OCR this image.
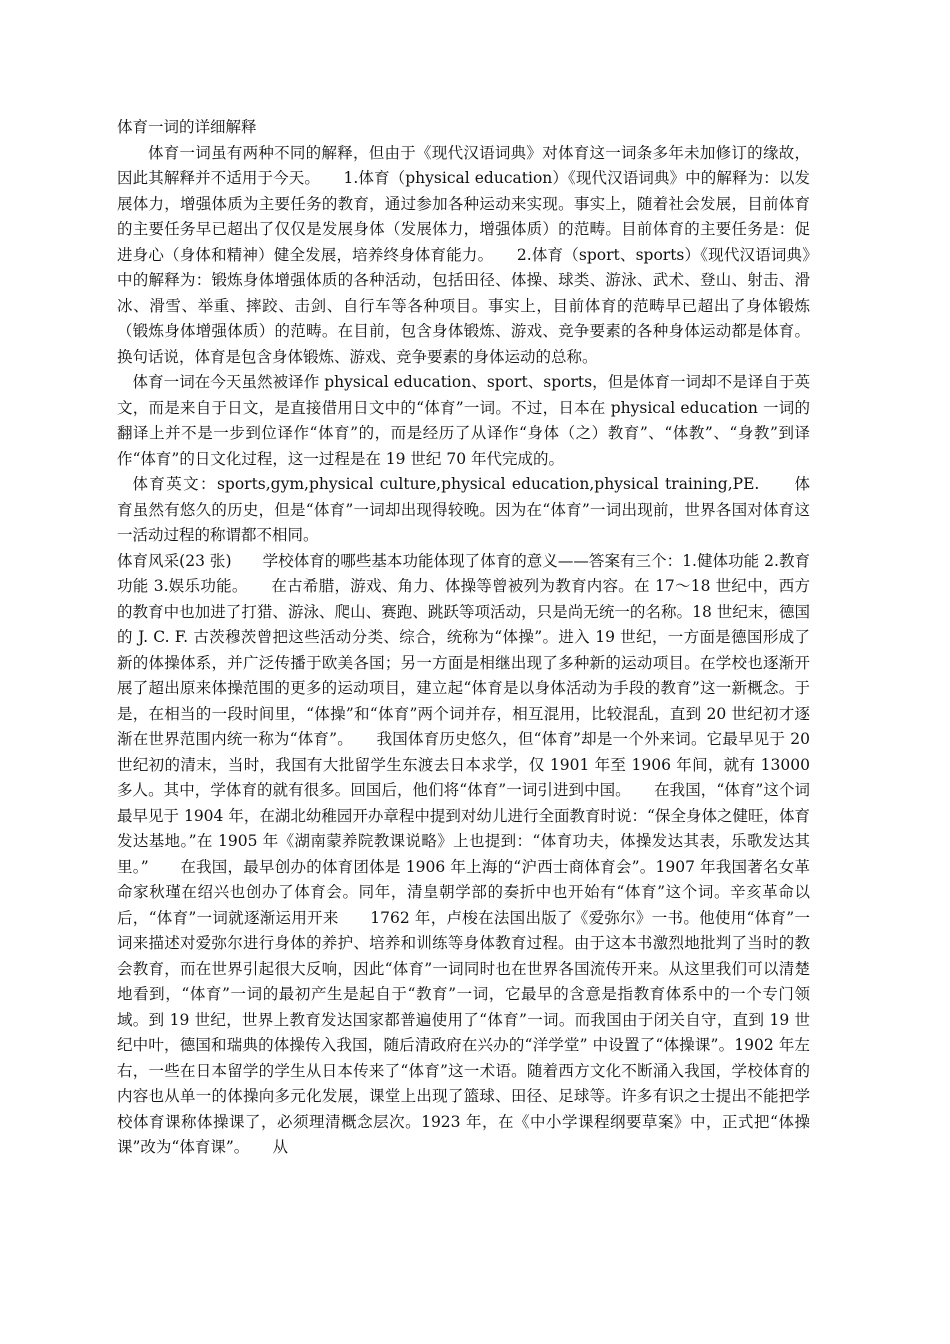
体育一词的详细解释

体育一词虽有两种不同的解释，但由于《现代汉语词典》对体育这一词条多年未加修订的缘故，因此其解释并不适用于今天。　　1.体育（physical education）《现代汉语词典》中的解释为：以发展体力，增强体质为主要任务的教育，通过参加各种运动来实现。事实上，随着社会发展，目前体育的主要任务早已超出了仅仅是发展身体（发展体力，增强体质）的范畴。目前体育的主要任务是：促进身心（身体和精神）健全发展，培养终身体育能力。　　2.体育（sport、sports）《现代汉语词典》中的解释为：锻炼身体增强体质的各种活动，包括田径、体操、球类、游泳、武术、登山、射击、滑冰、滑雪、举重、摔跤、击剑、自行车等各种项目。事实上，目前体育的范畴早已超出了身体锻炼（锻炼身体增强体质）的范畴。在目前，包含身体锻炼、游戏、竞争要素的各种身体运动都是体育。换句话说，体育是包含身体锻炼、游戏、竞争要素的身体运动的总称。

体育一词在今天虽然被译作 physical education、sport、sports，但是体育一词却不是译自于英文，而是来自于日文，是直接借用日文中的“体育”一词。不过，日本在 physical education 一词的翻译上并不是一步到位译作“体育”的，而是经历了从译作“身体（之）教育”、“体教”、“身教”到译作“体育”的日文化过程，这一过程是在 19 世纪 70 年代完成的。

体育英文：sports,gym,physical culture,physical education,physical training,PE.　　体育虽然有悠久的历史，但是“体育”一词却出现得较晚。因为在“体育”一词出现前，世界各国对体育这一活动过程的称谓都不相同。

体育风采(23 张)　　学校体育的哪些基本功能体现了体育的意义——答案有三个：1.健体功能 2.教育功能 3.娱乐功能。　　在古希腊，游戏、角力、体操等曾被列为教育内容。在 17～18 世纪中，西方的教育中也加进了打猎、游泳、爬山、赛跑、跳跃等项活动，只是尚无统一的名称。18 世纪末，德国的 J. C. F. 古茨穆茨曾把这些活动分类、综合，统称为“体操”。进入 19 世纪，一方面是德国形成了新的体操体系，并广泛传播于欧美各国；另一方面是相继出现了多种新的运动项目。在学校也逐渐开展了超出原来体操范围的更多的运动项目，建立起“体育是以身体活动为手段的教育”这一新概念。于是，在相当的一段时间里，“体操”和“体育”两个词并存，相互混用，比较混乱，直到 20 世纪初才逐渐在世界范围内统一称为“体育”。　　我国体育历史悠久，但“体育”却是一个外来词。它最早见于 20 世纪初的清末，当时，我国有大批留学生东渡去日本求学，仅 1901 年至 1906 年间，就有 13000 多人。其中，学体育的就有很多。回国后，他们将“体育”一词引进到中国。　　在我国，“体育”这个词最早见于 1904 年，在湖北幼稚园开办章程中提到对幼儿进行全面教育时说：“保全身体之健旺，体育发达基地。”在 1905 年《湖南蒙养院教课说略》上也提到：“体育功夫，体操发达其表，乐歌发达其里。”　　在我国，最早创办的体育团体是 1906 年上海的“沪西士商体育会”。1907 年我国著名女革命家秋瑾在绍兴也创办了体育会。同年，清皇朝学部的奏折中也开始有“体育”这个词。辛亥革命以后，“体育”一词就逐渐运用开来　　1762 年，卢梭在法国出版了《爱弥尔》一书。他使用“体育”一词来描述对爱弥尔进行身体的养护、培养和训练等身体教育过程。由于这本书激烈地批判了当时的教会教育，而在世界引起很大反响，因此“体育”一词同时也在世界各国流传开来。从这里我们可以清楚地看到，“体育”一词的最初产生是起自于“教育”一词，它最早的含意是指教育体系中的一个专门领域。到 19 世纪，世界上教育发达国家都普遍使用了“体育”一词。而我国由于闭关自守，直到 19 世纪中叶，德国和瑞典的体操传入我国，随后清政府在兴办的“洋学堂” 中设置了“体操课”。1902 年左右，一些在日本留学的学生从日本传来了“体育”这一术语。随着西方文化不断涌入我国，学校体育的内容也从单一的体操向多元化发展，课堂上出现了篮球、田径、足球等。许多有识之士提出不能把学校体育课称体操课了，必须理清概念层次。1923 年，在《中小学课程纲要草案》中，正式把“体操课”改为“体育课”。　　从
